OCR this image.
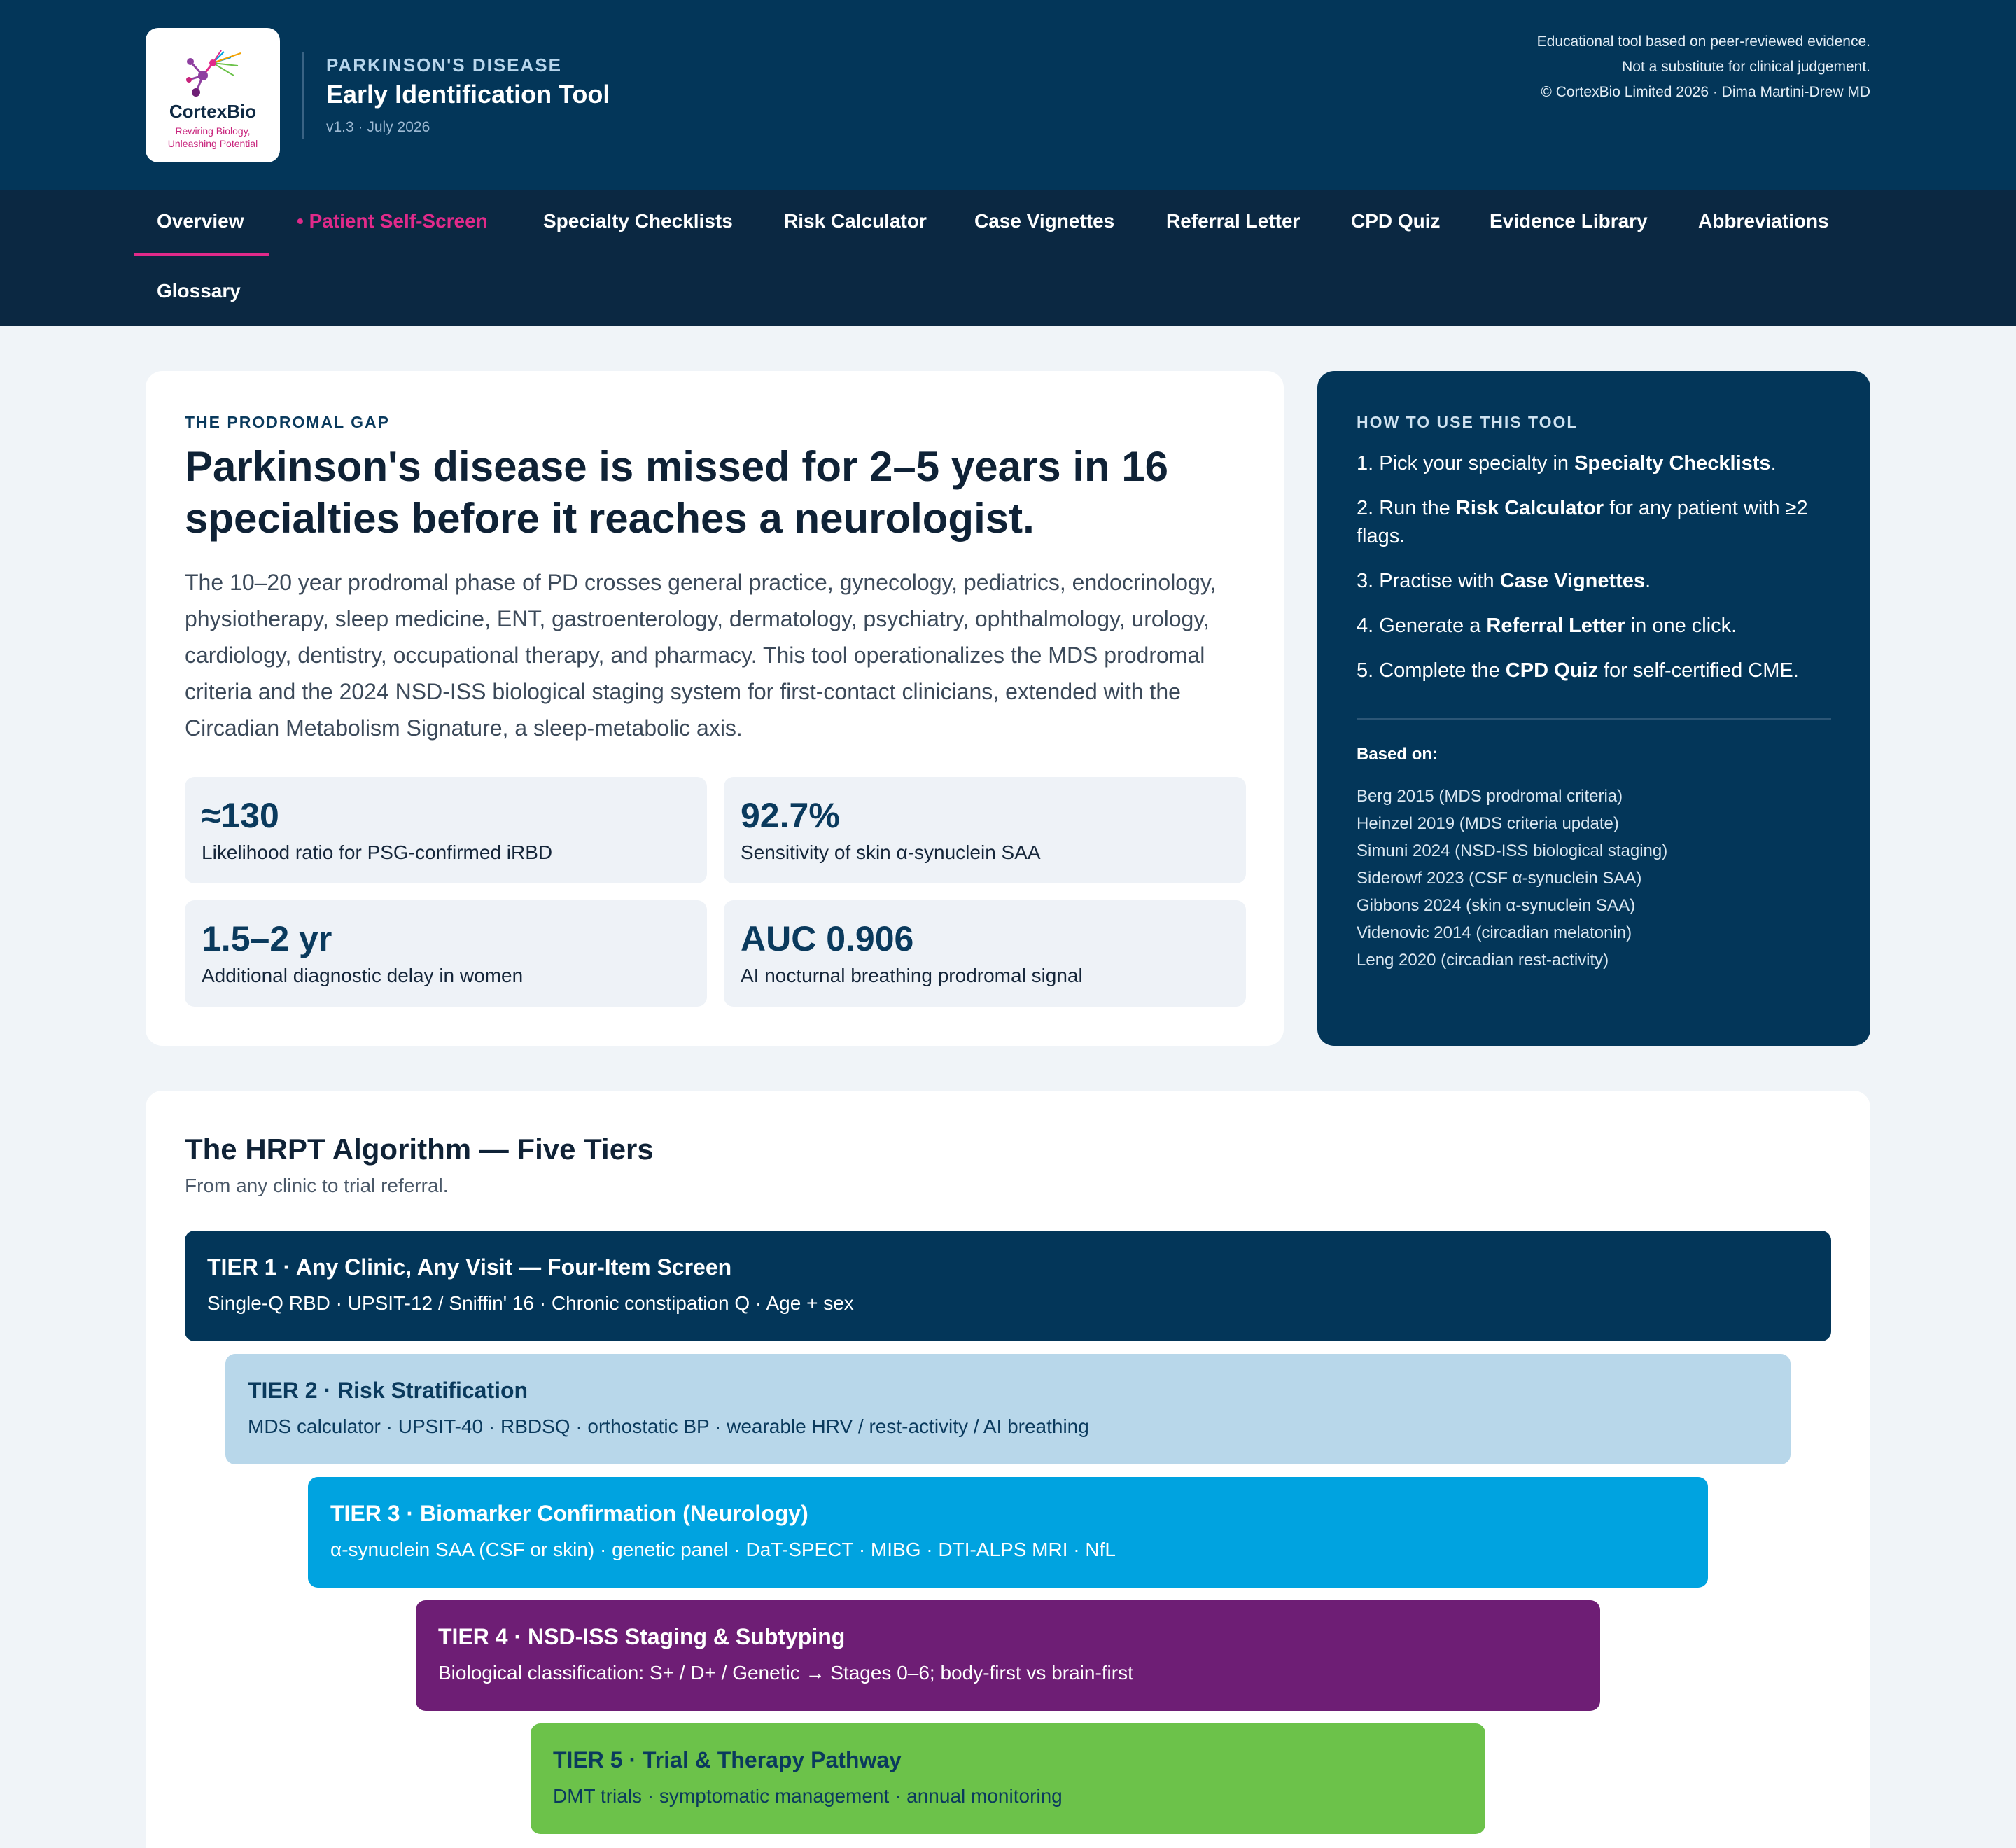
CortexBio
Rewiring Biology,
Unleashing Potential
PARKINSON'S DISEASE
Early Identification Tool
v1.3 · July 2026
Educational tool based on peer-reviewed evidence.
Not a substitute for clinical judgement.
© CortexBio Limited 2026 · Dima Martini-Drew MD
Overview	• Patient Self-Screen	Specialty Checklists	Risk Calculator Case Vignettes	Referral Letter	CPD Quiz	Evidence Library	Abbreviations
Glossary
THE PRODROMAL GAP
Parkinson's disease is missed for 2–5 years in 16 specialties before it reaches a neurologist.
The 10–20 year prodromal phase of PD crosses general practice, gynecology, pediatrics, endocrinology, physiotherapy, sleep medicine, ENT, gastroenterology, dermatology, psychiatry, ophthalmology, urology, cardiology, dentistry, occupational therapy, and pharmacy. This tool operationalizes the MDS prodromal criteria and the 2024 NSD-ISS biological staging system for first-contact clinicians, extended with the Circadian Metabolism Signature, a sleep-metabolic axis.
≈130
Likelihood ratio for PSG-confirmed iRBD
92.7%
Sensitivity of skin α-synuclein SAA
1.5–2 yr
Additional diagnostic delay in women
AUC 0.906
AI nocturnal breathing prodromal signal
HOW TO USE THIS TOOL
1. Pick your specialty in Specialty Checklists.
2. Run the Risk Calculator for any patient with ≥2 flags.
3. Practise with Case Vignettes.
4. Generate a Referral Letter in one click.
5. Complete the CPD Quiz for self-certified CME.
Based on:
Berg 2015 (MDS prodromal criteria)
Heinzel 2019 (MDS criteria update)
Simuni 2024 (NSD-ISS biological staging)
Siderowf 2023 (CSF α-synuclein SAA)
Gibbons 2024 (skin α-synuclein SAA)
Videnovic 2014 (circadian melatonin)
Leng 2020 (circadian rest-activity)
The HRPT Algorithm — Five Tiers
From any clinic to trial referral.
TIER 1 · Any Clinic, Any Visit — Four-Item Screen
Single-Q RBD · UPSIT-12 / Sniffin' 16 · Chronic constipation Q · Age + sex
TIER 2 · Risk Stratification
MDS calculator · UPSIT-40 · RBDSQ · orthostatic BP · wearable HRV / rest-activity / AI breathing
TIER 3 · Biomarker Confirmation (Neurology)
α-synuclein SAA (CSF or skin) · genetic panel · DaT-SPECT · MIBG · DTI-ALPS MRI · NfL
TIER 4 · NSD-ISS Staging & Subtyping
Biological classification: S+ / D+ / Genetic → Stages 0–6; body-first vs brain-first
TIER 5 · Trial & Therapy Pathway
DMT trials · symptomatic management · annual monitoring
